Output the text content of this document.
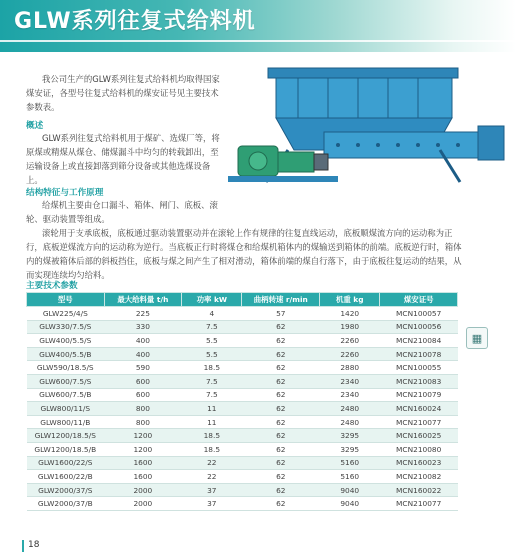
GLW系列往复式给料机
我公司生产的GLW系列往复式给料机均取得国家煤安证，各型号往复式给料机的煤安证号见主要技术参数表。
概述
GLW系列往复式给料机用于煤矿、选煤厂等，将原煤或精煤从煤仓、储煤漏斗中均匀的转载卸出，至运输设备上或直接卸落到筛分设备或其他选煤设备上。
结构特征与工作原理
给煤机主要由仓口漏斗、箱体、闸门、底板、滚轮、驱动装置等组成。
滚轮用于支承底板，底板通过驱动装置驱动并在滚轮上作有规律的往复直线运动，底板顺煤流方向的运动称为正行，底板逆煤流方向的运动称为逆行。当底板正行时将煤仓和给煤机箱体内的煤输送到箱体的前端。底板逆行时，箱体内的煤被箱体后部的斜板挡住，底板与煤之间产生了相对滑动，箱体前端的煤自行落下，由于底板往复运动的结果，从而实现连续均匀给料。
主要技术参数
型号	最大给料量 t/h	功率 kW	曲柄转速 r/min	机重 kg	煤安证号
GLW225/4/S	225	4	57	1420	MCN100057
GLW330/7.5/S	330	7.5	62	1980	MCN100056
GLW400/5.5/S	400	5.5	62	2260	MCN210084
GLW400/5.5/B	400	5.5	62	2260	MCN210078
GLW590/18.5/S	590	18.5	62	2880	MCN100055
GLW600/7.5/S	600	7.5	62	2340	MCN210083
GLW600/7.5/B	600	7.5	62	2340	MCN210079
GLW800/11/S	800	11	62	2480	MCN160024
GLW800/11/B	800	11	62	2480	MCN210077
GLW1200/18.5/S	1200	18.5	62	3295	MCN160025
GLW1200/18.5/B	1200	18.5	62	3295	MCN210080
GLW1600/22/S	1600	22	62	5160	MCN160023
GLW1600/22/B	1600	22	62	5160	MCN210082
GLW2000/37/S	2000	37	62	9040	MCN160022
GLW2000/37/B	2000	37	62	9040	MCN210077
▦
18
